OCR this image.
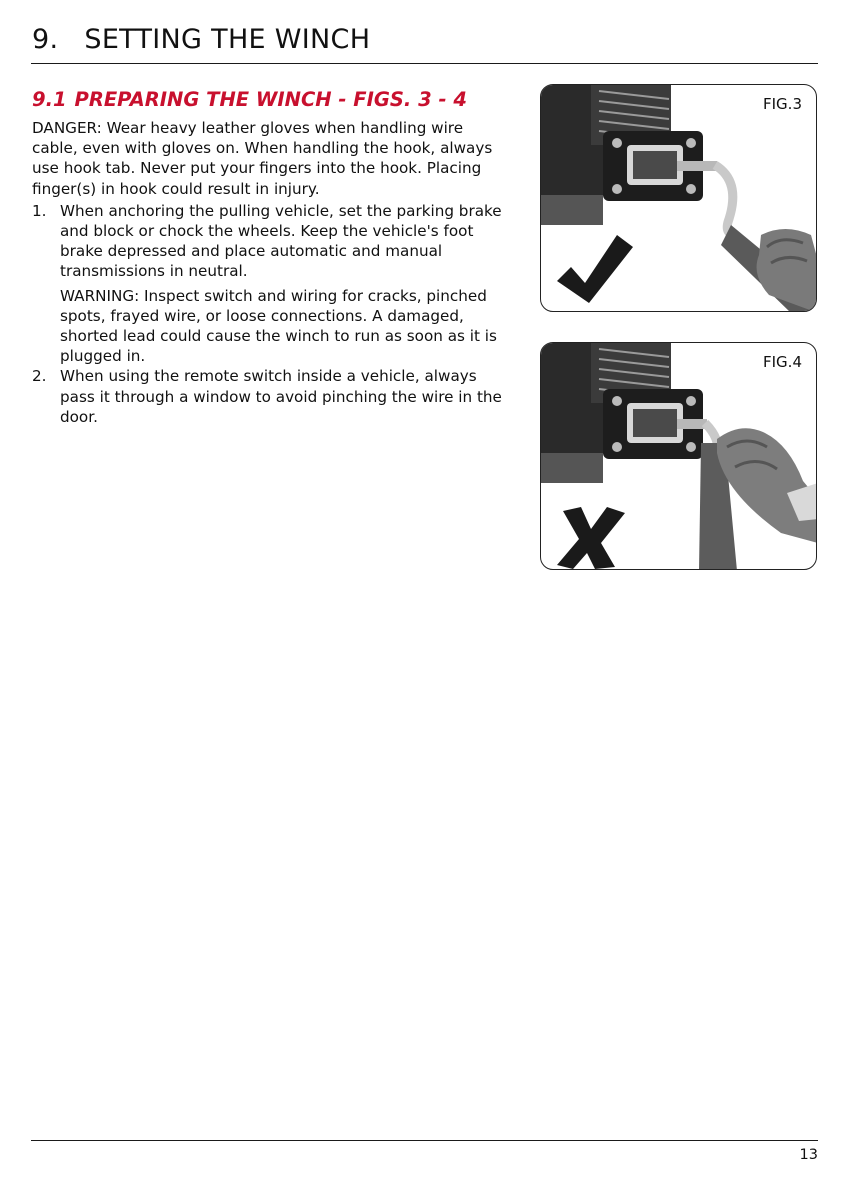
9. SETTING THE WINCH
9.1 PREPARING THE WINCH - FIGS. 3 - 4

DANGER: Wear heavy leather gloves when handling wire cable, even with gloves on. When handling the hook, always use hook tab. Never put your fingers into the hook. Placing finger(s) in hook could result in injury.

1. When anchoring the pulling vehicle, set the parking brake and block or chock the wheels. Keep the vehicle's foot brake depressed and place automatic and manual transmissions in neutral.

WARNING: Inspect switch and wiring for cracks, pinched spots, frayed wire, or loose connections. A damaged, shorted lead could cause the winch to run as soon as it is plugged in.

2. When using the remote switch inside a vehicle, always pass it through a window to avoid pinching the wire in the door.

FIG.3
FIG.4
13
